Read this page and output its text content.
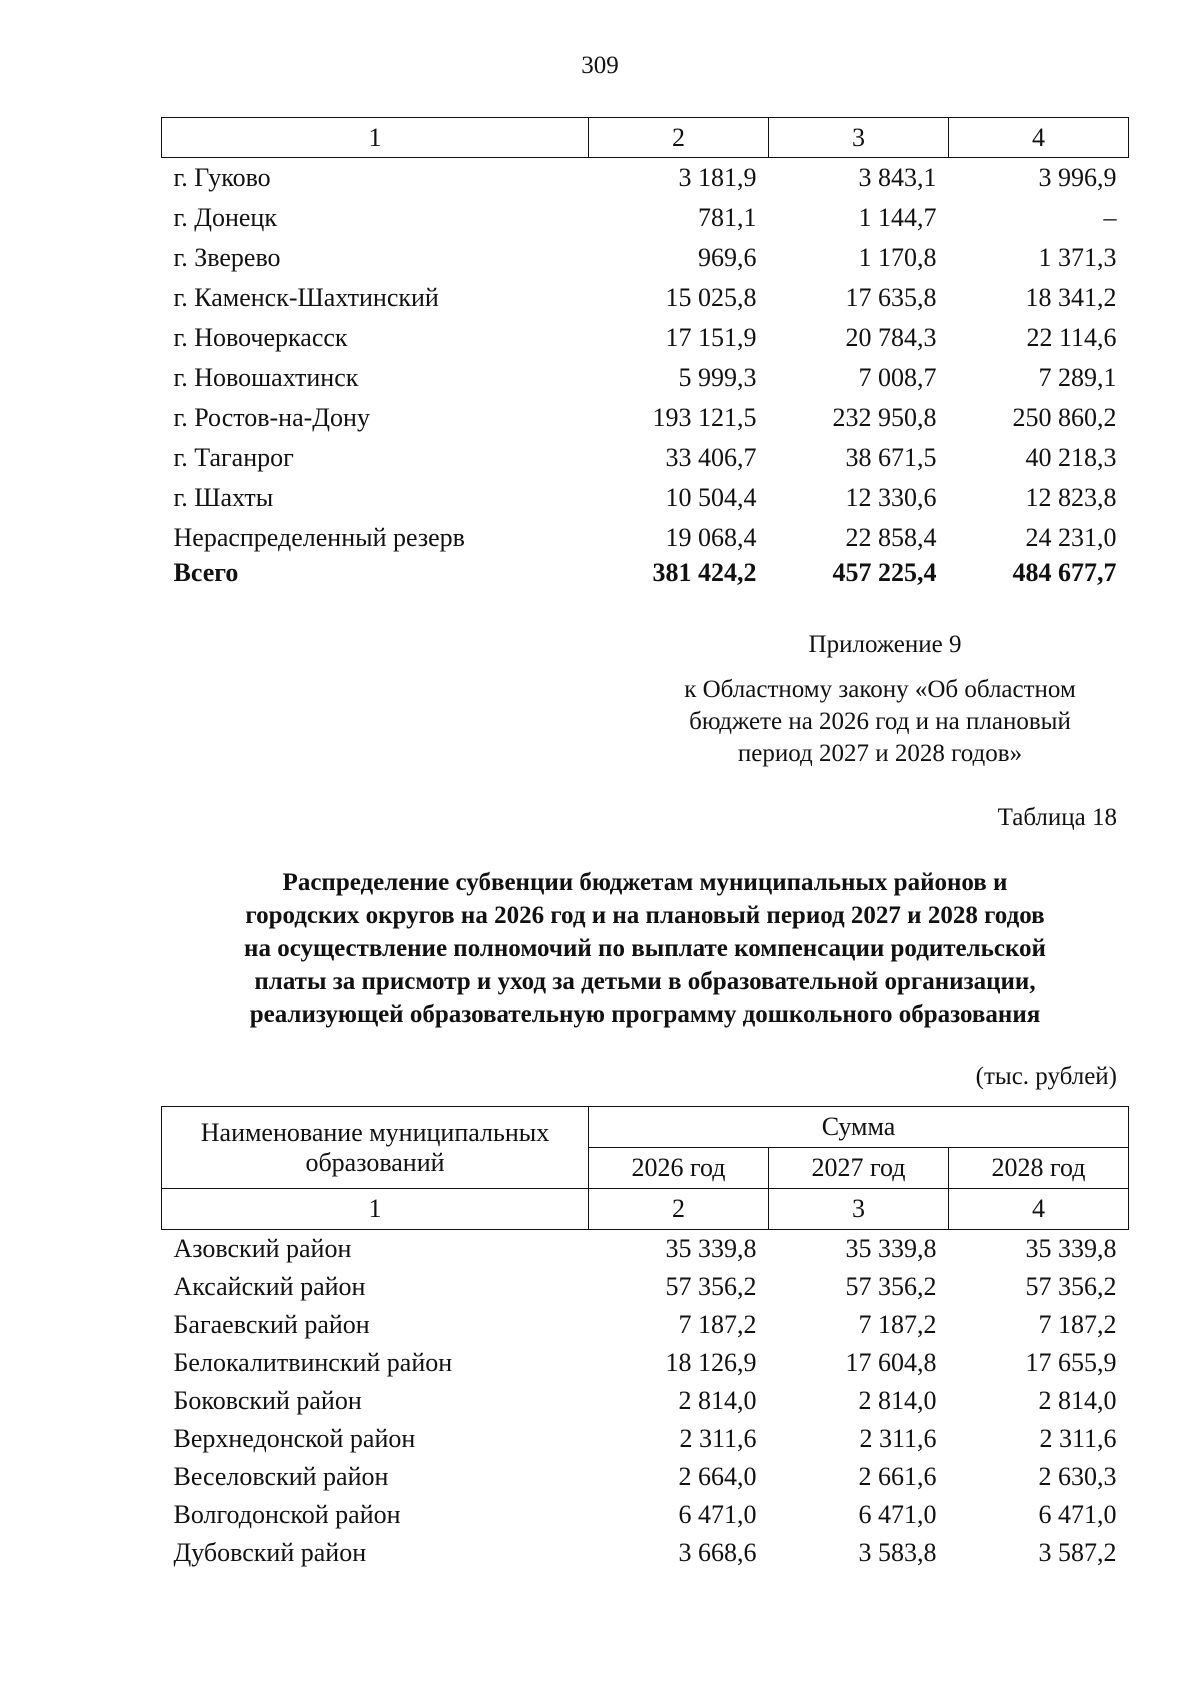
309
1	2	3	4
г. Гуково	3 181,9	3 843,1	3 996,9
г. Донецк	781,1	1 144,7	–
г. Зверево	969,6	1 170,8	1 371,3
г. Каменск-Шахтинский	15 025,8	17 635,8	18 341,2
г. Новочеркасск	17 151,9	20 784,3	22 114,6
г. Новошахтинск	5 999,3	7 008,7	7 289,1
г. Ростов-на-Дону	193 121,5	232 950,8	250 860,2
г. Таганрог	33 406,7	38 671,5	40 218,3
г. Шахты	10 504,4	12 330,6	12 823,8
Нераспределенный резерв	19 068,4	22 858,4	24 231,0
Всего	381 424,2	457 225,4	484 677,7
Приложение 9
к Областному закону «Об областном
бюджете на 2026 год и на плановый
период 2027 и 2028 годов»
Таблица 18
Распределение субвенции бюджетам муниципальных районов и
городских округов на 2026 год и на плановый период 2027 и 2028 годов
на осуществление полномочий по выплате компенсации родительской
платы за присмотр и уход за детьми в образовательной организации,
реализующей образовательную программу дошкольного образования
(тыс. рублей)
Наименование муниципальных
образований	Сумма		
	2026 год	2027 год	2028 год
1	2	3	4
Азовский район	35 339,8	35 339,8	35 339,8
Аксайский район	57 356,2	57 356,2	57 356,2
Багаевский район	7 187,2	7 187,2	7 187,2
Белокалитвинский район	18 126,9	17 604,8	17 655,9
Боковский район	2 814,0	2 814,0	2 814,0
Верхнедонской район	2 311,6	2 311,6	2 311,6
Веселовский район	2 664,0	2 661,6	2 630,3
Волгодонской район	6 471,0	6 471,0	6 471,0
Дубовский район	3 668,6	3 583,8	3 587,2
